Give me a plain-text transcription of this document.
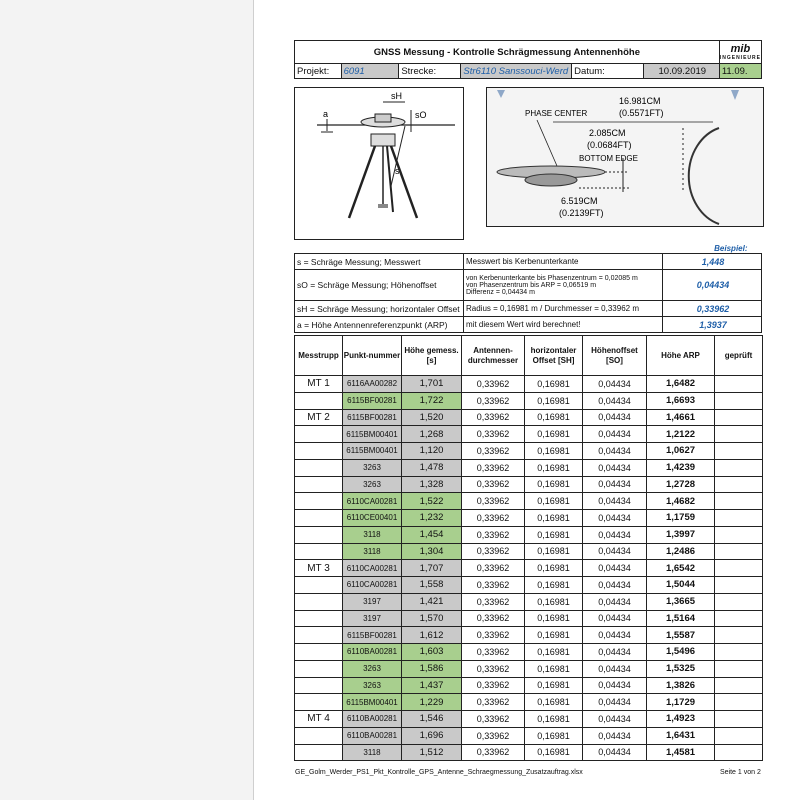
GNSS Messung - Kontrolle Schrägmessung Antennenhöhe						mib
INGENIEURE

Projekt:	6091	Strecke:	Str6110 Sanssouci-Werd	Datum:	10.09.2019	11.09.
a
sH
sO
s
PHASE CENTER
16.981CM
(0.5571FT)
2.085CM
(0.0684FT)
BOTTOM EDGE
6.519CM
(0.2139FT)
		Beispiel:
s = Schräge Messung; Messwert	Messwert bis Kerbenunterkante	1,448
sO = Schräge Messung; Höhenoffset	von Kerbenunterkante bis Phasenzentrum = 0,02085 m
von Phasenzentrum bis ARP = 0,06519 m
Differenz = 0,04434 m	0,04434
sH = Schräge Messung; horizontaler Offset	Radius = 0,16981 m / Durchmesser = 0,33962 m	0,33962
a = Höhe Antennenreferenzpunkt (ARP)	mit diesem Wert wird berechnet!	1,3937
Messtrupp	Punkt-nummer	Höhe gemess. [s]	Antennen-durchmesser	horizontaler Offset [SH]	Höhenoffset [SO]	Höhe ARP	geprüft
MT 1	6116AA00282	1,701	0,33962	0,16981	0,04434	1,6482	
	6115BF00281	1,722	0,33962	0,16981	0,04434	1,6693	
MT 2	6115BF00281	1,520	0,33962	0,16981	0,04434	1,4661	
	6115BM00401	1,268	0,33962	0,16981	0,04434	1,2122	
	6115BM00401	1,120	0,33962	0,16981	0,04434	1,0627	
	3263	1,478	0,33962	0,16981	0,04434	1,4239	
	3263	1,328	0,33962	0,16981	0,04434	1,2728	
	6110CA00281	1,522	0,33962	0,16981	0,04434	1,4682	
	6110CE00401	1,232	0,33962	0,16981	0,04434	1,1759	
	3118	1,454	0,33962	0,16981	0,04434	1,3997	
	3118	1,304	0,33962	0,16981	0,04434	1,2486	
MT 3	6110CA00281	1,707	0,33962	0,16981	0,04434	1,6542	
	6110CA00281	1,558	0,33962	0,16981	0,04434	1,5044	
	3197	1,421	0,33962	0,16981	0,04434	1,3665	
	3197	1,570	0,33962	0,16981	0,04434	1,5164	
	6115BF00281	1,612	0,33962	0,16981	0,04434	1,5587	
	6110BA00281	1,603	0,33962	0,16981	0,04434	1,5496	
	3263	1,586	0,33962	0,16981	0,04434	1,5325	
	3263	1,437	0,33962	0,16981	0,04434	1,3826	
	6115BM00401	1,229	0,33962	0,16981	0,04434	1,1729	
MT 4	6110BA00281	1,546	0,33962	0,16981	0,04434	1,4923	
	6110BA00281	1,696	0,33962	0,16981	0,04434	1,6431	
	3118	1,512	0,33962	0,16981	0,04434	1,4581	
GE_Golm_Werder_PS1_Pkt_Kontrolle_GPS_Antenne_Schraegmessung_Zusatzauftrag.xlsx	Seite 1 von 2
